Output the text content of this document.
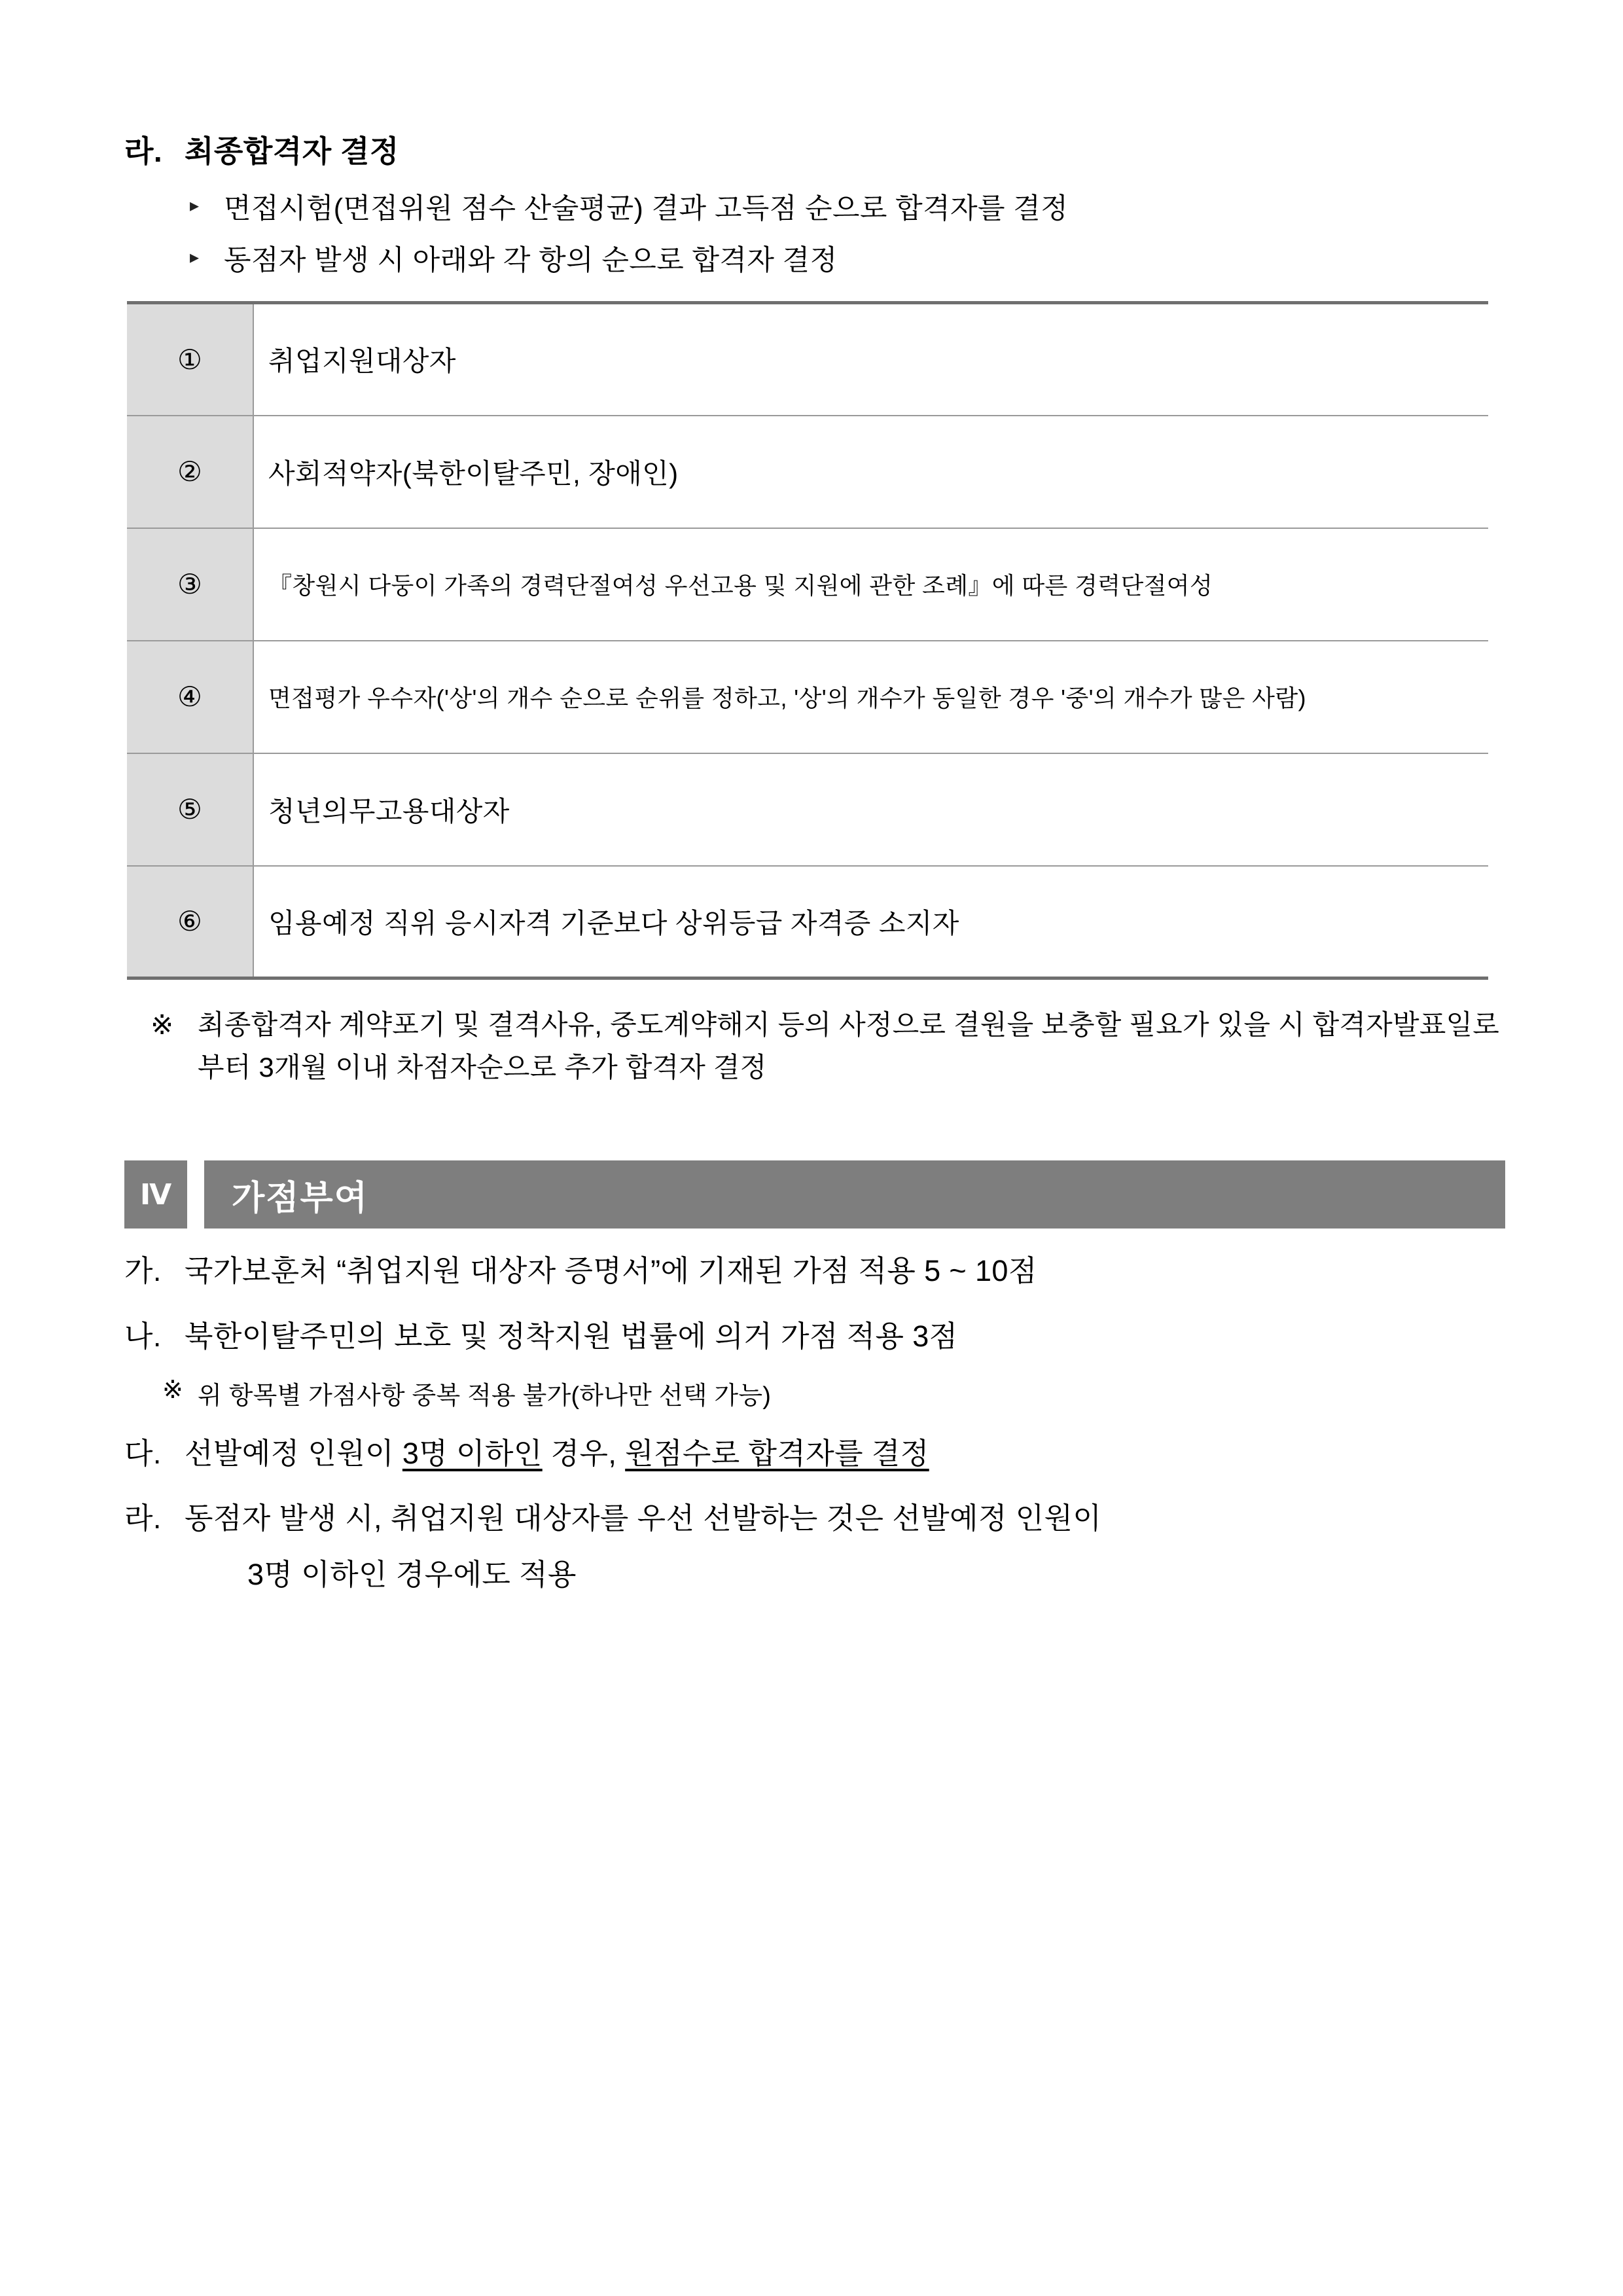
라. 최종합격자 결정
▸ 면접시험(면접위원 점수 산술평균) 결과 고득점 순으로 합격자를 결정
▸ 동점자 발생 시 아래와 각 항의 순으로 합격자 결정
①	취업지원대상자
②	사회적약자(북한이탈주민, 장애인)
③	『창원시 다둥이 가족의 경력단절여성 우선고용 및 지원에 관한 조례』에 따른 경력단절여성
④	면접평가 우수자('상'의 개수 순으로 순위를 정하고, '상'의 개수가 동일한 경우 '중'의 개수가 많은 사람)
⑤	청년의무고용대상자
⑥	임용예정 직위 응시자격 기준보다 상위등급 자격증 소지자
※ 최종합격자 계약포기 및 결격사유, 중도계약해지 등의 사정으로 결원을 보충할 필요가 있을 시 합격자발표일로부터 3개월 이내 차점자순으로 추가 합격자 결정
Ⅳ	가점부여
가. 국가보훈처 “취업지원 대상자 증명서”에 기재된 가점 적용 5 ~ 10점
나. 북한이탈주민의 보호 및 정착지원 법률에 의거 가점 적용 3점
※ 위 항목별 가점사항 중복 적용 불가(하나만 선택 가능)
다. 선발예정 인원이 3명 이하인 경우, 원점수로 합격자를 결정
라. 동점자 발생 시, 취업지원 대상자를 우선 선발하는 것은 선발예정 인원이
3명 이하인 경우에도 적용
